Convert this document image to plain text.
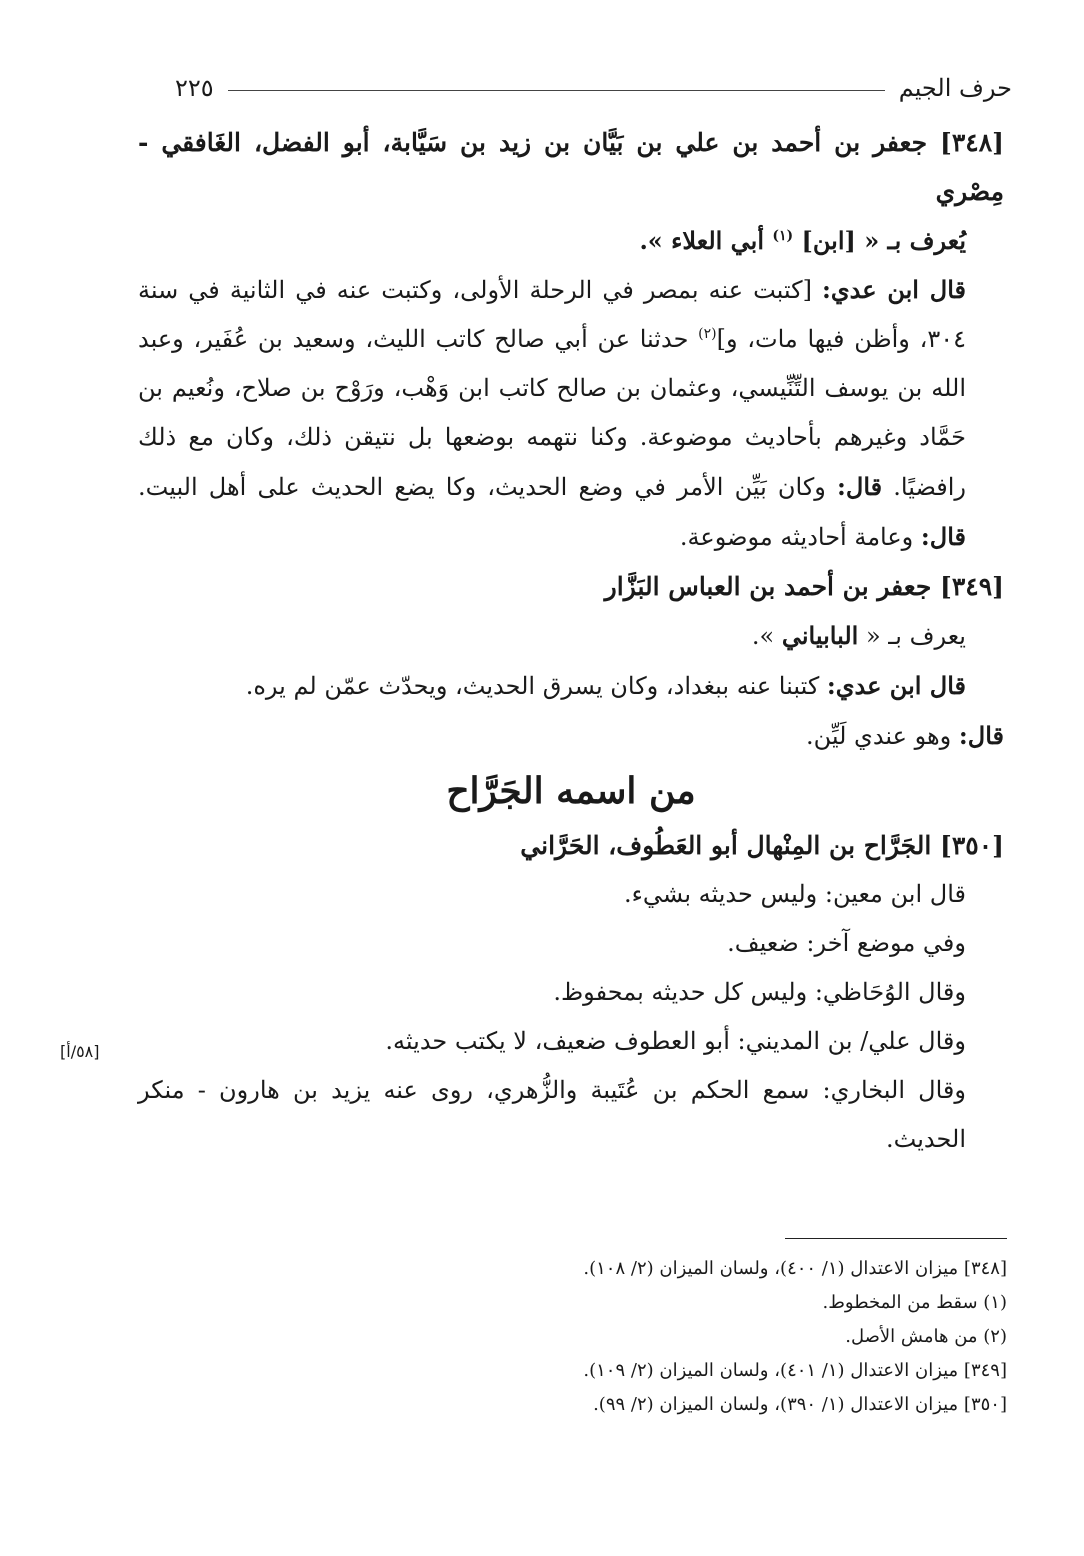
حرف الجيم
٢٢٥

[٣٤٨] جعفر بن أحمد بن علي بن بَيَّان بن زيد بن سَيَّابة، أبو الفضل، الغَافقي - مِصْري

يُعرف بـ « [ابن] $^{(١)}$ أبي العلاء ».

قال ابن عدي: [كتبت عنه بمصر في الرحلة الأولى، وكتبت عنه في الثانية في سنة ٣٠٤، وأظن فيها مات، و]$^{(٢)}$ حدثنا عن أبي صالح كاتب الليث، وسعيد بن عُفَير، وعبد الله بن يوسف التِّنِّيسي، وعثمان بن صالح كاتب ابن وَهْب، ورَوْح بن صلاح، ونُعيم بن حَمَّاد وغيرهم بأحاديث موضوعة. وكنا نتهمه بوضعها بل نتيقن ذلك، وكان مع ذلك رافضيًا. قال: وكان بَيِّن الأمر في وضع الحديث، وكا يضع الحديث على أهل البيت. قال: وعامة أحاديثه موضوعة.

[٣٤٩] جعفر بن أحمد بن العباس البَزَّار

يعرف بـ « البابياني ».

قال ابن عدي: كتبنا عنه ببغداد، وكان يسرق الحديث، ويحدّث عمّن لم يره.

قال: وهو عندي لَيِّن.

من اسمه الجَرَّاح

[٣٥٠] الجَرَّاح بن المِنْهال أبو العَطُوف، الحَرَّاني

قال ابن معين: وليس حديثه بشيء.

وفي موضع آخر: ضعيف.

وقال الوُحَاظي: وليس كل حديثه بمحفوظ.

وقال علي/ بن المديني: أبو العطوف ضعيف، لا يكتب حديثه.

وقال البخاري: سمع الحكم بن عُتَيبة والزُّهري، روى عنه يزيد بن هارون - منكر الحديث.

[٥٨/أ]

[٣٤٨] ميزان الاعتدال (١/ ٤٠٠)، ولسان الميزان (٢/ ١٠٨).

(١) سقط من المخطوط.

(٢) من هامش الأصل.

[٣٤٩] ميزان الاعتدال (١/ ٤٠١)، ولسان الميزان (٢/ ١٠٩).

[٣٥٠] ميزان الاعتدال (١/ ٣٩٠)، ولسان الميزان (٢/ ٩٩).
